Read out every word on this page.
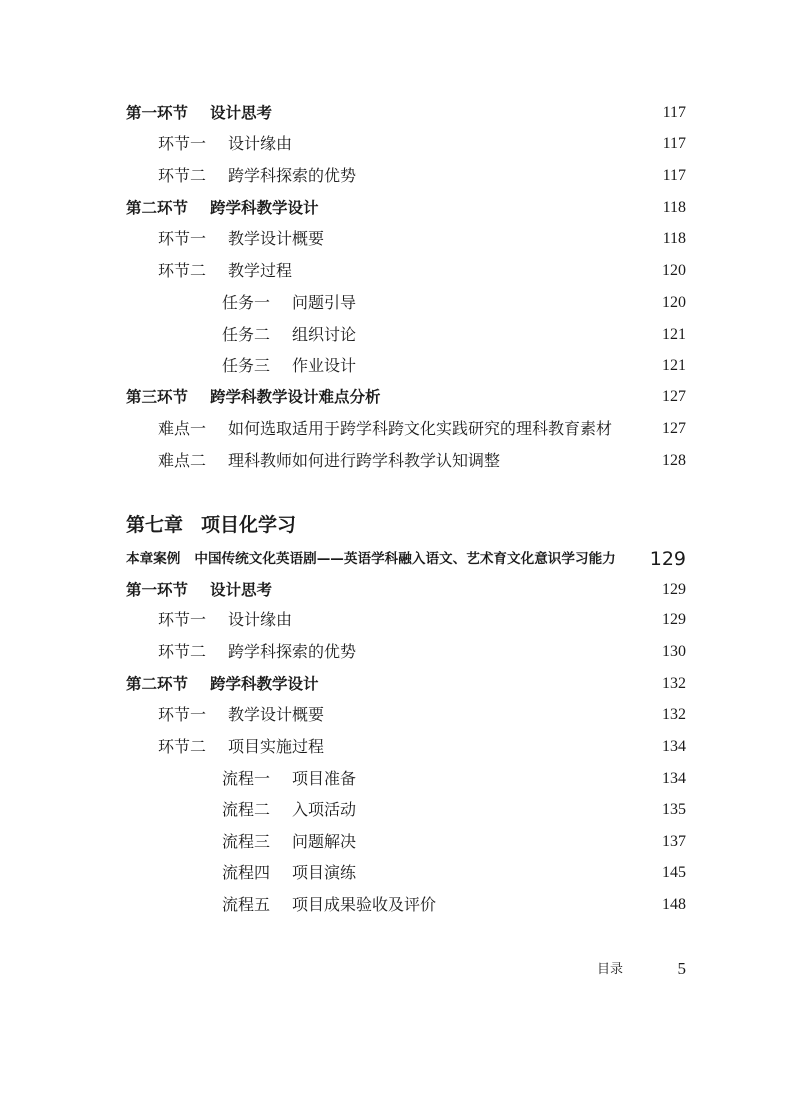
第一环节 设计思考	117
环节一 设计缘由	117
环节二 跨学科探索的优势	117
第二环节 跨学科教学设计	118
环节一 教学设计概要	118
环节二 教学过程	120
任务一 问题引导	120
任务二 组织讨论	121
任务三 作业设计	121
第三环节 跨学科教学设计难点分析	127
难点一 如何选取适用于跨学科跨文化实践研究的理科教育素材	127
难点二 理科教师如何进行跨学科教学认知调整	128
第七章 项目化学习
本章案例 中国传统文化英语剧——英语学科融入语文、艺术育文化意识学习能力 129
第一环节 设计思考	129
环节一 设计缘由	129
环节二 跨学科探索的优势	130
第二环节 跨学科教学设计	132
环节一 教学设计概要	132
环节二 项目实施过程	134
流程一 项目准备	134
流程二 入项活动	135
流程三 问题解决	137
流程四 项目演练	145
流程五 项目成果验收及评价	148
目录	5
